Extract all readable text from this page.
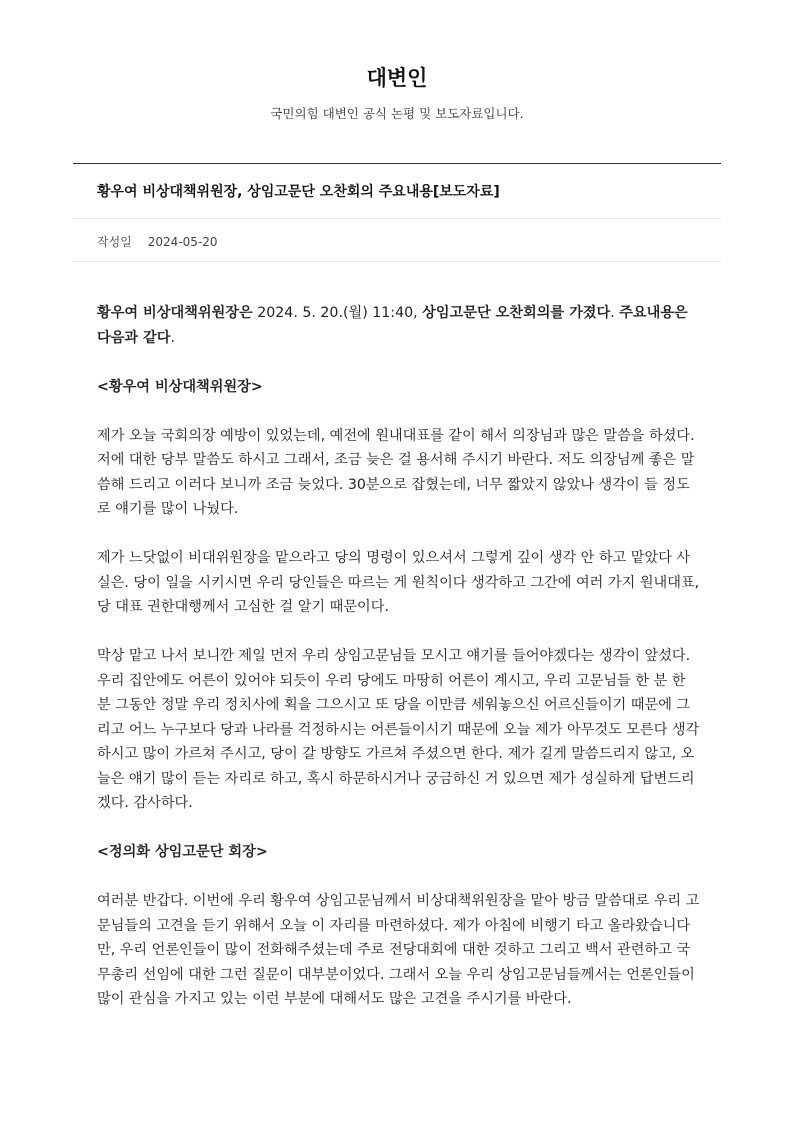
대변인

국민의힘 대변인 공식 논평 및 보도자료입니다.

황우여 비상대책위원장, 상임고문단 오찬회의 주요내용[보도자료]
작성일 2024-05-20

황우여 비상대책위원장은 2024. 5. 20.(월) 11:40, 상임고문단 오찬회의를 가졌다. 주요내용은 다음과 같다.

<황우여 비상대책위원장>

제가 오늘 국회의장 예방이 있었는데, 예전에 원내대표를 같이 해서 의장님과 많은 말씀을 하셨다. 저에 대한 당부 말씀도 하시고 그래서, 조금 늦은 걸 용서해 주시기 바란다. 저도 의장님께 좋은 말씀해 드리고 이러다 보니까 조금 늦었다. 30분으로 잡혔는데, 너무 짧았지 않았나 생각이 들 정도로 얘기를 많이 나눴다.

제가 느닷없이 비대위원장을 맡으라고 당의 명령이 있으셔서 그렇게 깊이 생각 안 하고 맡았다 사실은. 당이 일을 시키시면 우리 당인들은 따르는 게 원칙이다 생각하고 그간에 여러 가지 원내대표, 당 대표 권한대행께서 고심한 걸 알기 때문이다.

막상 맡고 나서 보니깐 제일 먼저 우리 상임고문님들 모시고 얘기를 들어야겠다는 생각이 앞섰다. 우리 집안에도 어른이 있어야 되듯이 우리 당에도 마땅히 어른이 계시고, 우리 고문님들 한 분 한 분 그동안 정말 우리 정치사에 획을 그으시고 또 당을 이만큼 세워놓으신 어르신들이기 때문에 그리고 어느 누구보다 당과 나라를 걱정하시는 어른들이시기 때문에 오늘 제가 아무것도 모른다 생각하시고 많이 가르쳐 주시고, 당이 갈 방향도 가르쳐 주셨으면 한다. 제가 길게 말씀드리지 않고, 오늘은 얘기 많이 듣는 자리로 하고, 혹시 하문하시거나 궁금하신 거 있으면 제가 성실하게 답변드리겠다. 감사하다.

<정의화 상임고문단 회장>

여러분 반갑다. 이번에 우리 황우여 상임고문님께서 비상대책위원장을 맡아 방금 말씀대로 우리 고문님들의 고견을 듣기 위해서 오늘 이 자리를 마련하셨다. 제가 아침에 비행기 타고 올라왔습니다만, 우리 언론인들이 많이 전화해주셨는데 주로 전당대회에 대한 것하고 그리고 백서 관련하고 국무총리 선임에 대한 그런 질문이 대부분이었다. 그래서 오늘 우리 상임고문님들께서는 언론인들이 많이 관심을 가지고 있는 이런 부분에 대해서도 많은 고견을 주시기를 바란다.
